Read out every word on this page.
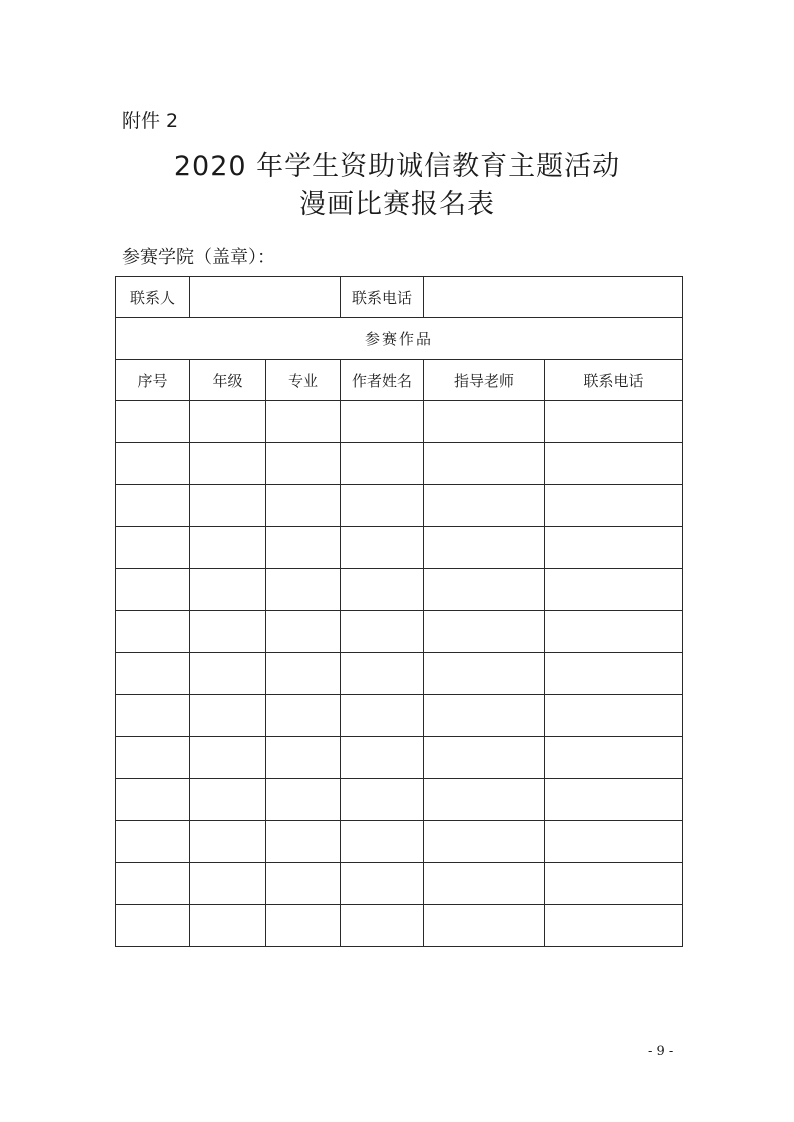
附件 2
2020 年学生资助诚信教育主题活动
漫画比赛报名表
参赛学院（盖章）：
联系人			联系电话		
参赛作品					
序号	年级	专业	作者姓名	指导老师	联系电话

- 9 -
